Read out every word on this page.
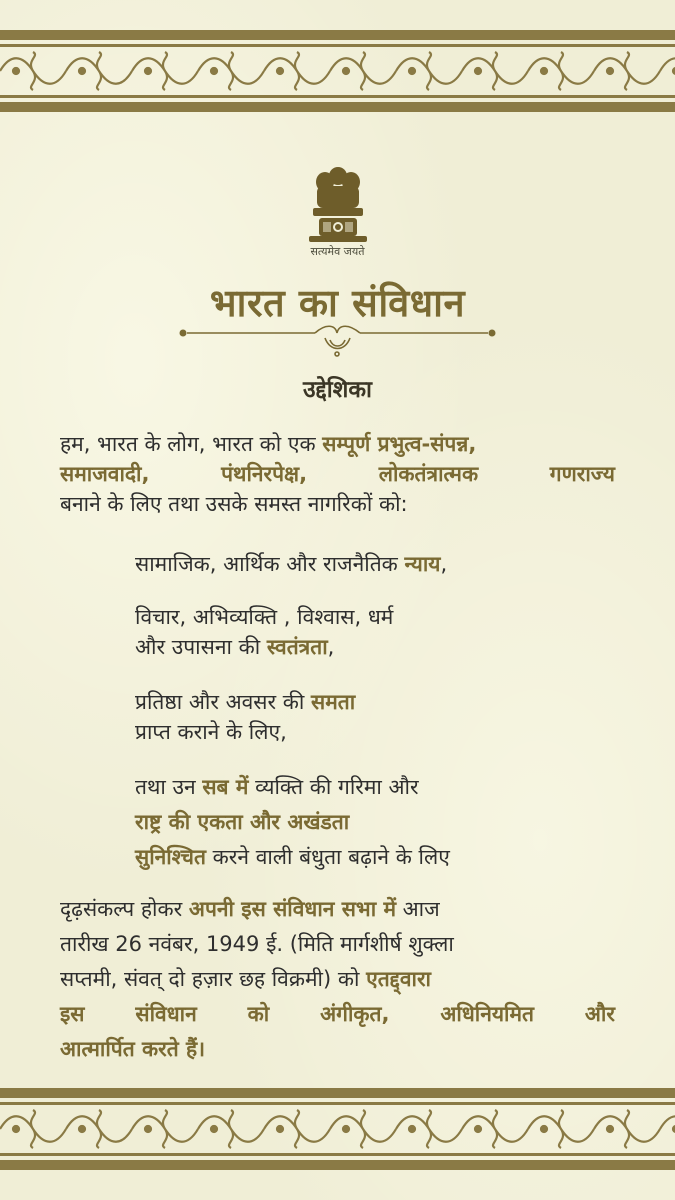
सत्यमेव जयते
भारत का संविधान
उद्देशिका
हम, भारत के लोग, भारत को एक सम्पूर्ण प्रभुत्व-संपन्न,
समाजवादी,	पंथनिरपेक्ष,	लोकतंत्रात्मक	गणराज्य
बनाने के लिए तथा उसके समस्त नागरिकों को:
सामाजिक, आर्थिक और राजनैतिक न्याय,
विचार, अभिव्यक्ति , विश्वास, धर्म
और उपासना की स्वतंत्रता,
प्रतिष्ठा और अवसर की समता
प्राप्त कराने के लिए,
तथा उन सब में व्यक्ति की गरिमा और
राष्ट्र की एकता और अखंडता
सुनिश्चित करने वाली बंधुता बढ़ाने के लिए
दृढ़संकल्प होकर अपनी इस संविधान सभा में आज
तारीख 26 नवंबर, 1949 ई. (मिति मार्गशीर्ष शुक्ला
सप्तमी, संवत् दो हज़ार छह विक्रमी) को एतद्द्वारा
इस संविधान को अंगीकृत, अधिनियमित और
आत्मार्पित करते हैं।
